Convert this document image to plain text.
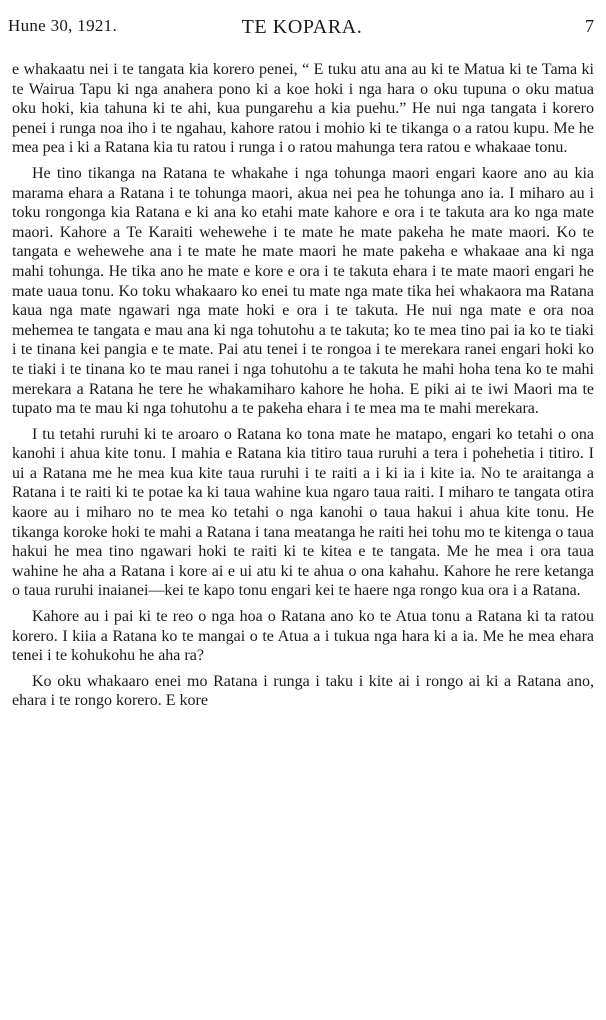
Hune 30, 1921.	TE KOPARA.	7

e whakaatu nei i te tangata kia korero penei, “ E tuku atu ana au ki te Matua ki te Tama ki te Wairua Tapu ki nga anahera pono ki a koe hoki i nga hara o oku tupuna o oku matua oku hoki, kia tahuna ki te ahi, kua pungarehu a kia puehu.” He nui nga tangata i korero penei i runga noa iho i te ngahau, kahore ratou i mohio ki te tikanga o a ratou kupu. Me he mea pea i ki a Ratana kia tu ratou i runga i o ratou mahunga tera ratou e whakaae tonu.

He tino tikanga na Ratana te whakahe i nga tohunga maori engari kaore ano au kia marama ehara a Ratana i te tohunga maori, akua nei pea he tohunga ano ia. I miharo au i toku rongonga kia Ratana e ki ana ko etahi mate kahore e ora i te takuta ara ko nga mate maori. Kahore a Te Karaiti wehewehe i te mate he mate pakeha he mate maori. Ko te tangata e wehewehe ana i te mate he mate maori he mate pakeha e whakaae ana ki nga mahi tohunga. He tika ano he mate e kore e ora i te takuta ehara i te mate maori engari he mate uaua tonu. Ko toku whakaaro ko enei tu mate nga mate tika hei whakaora ma Ratana kaua nga mate ngawari nga mate hoki e ora i te takuta. He nui nga mate e ora noa mehemea te tangata e mau ana ki nga tohutohu a te takuta; ko te mea tino pai ia ko te tiaki i te tinana kei pangia e te mate. Pai atu tenei i te rongoa i te merekara ranei engari hoki ko te tiaki i te tinana ko te mau ranei i nga tohutohu a te takuta he mahi hoha tena ko te mahi merekara a Ratana he tere he whakamiharo kahore he hoha. E piki ai te iwi Maori ma te tupato ma te mau ki nga tohutohu a te pakeha ehara i te mea ma te mahi merekara.

I tu tetahi ruruhi ki te aroaro o Ratana ko tona mate he matapo, engari ko tetahi o ona kanohi i ahua kite tonu. I mahia e Ratana kia titiro taua ruruhi a tera i pohehetia i titiro. I ui a Ratana me he mea kua kite taua ruruhi i te raiti a i ki ia i kite ia. No te araitanga a Ratana i te raiti ki te potae ka ki taua wahine kua ngaro taua raiti. I miharo te tangata otira kaore au i miharo no te mea ko tetahi o nga kanohi o taua hakui i ahua kite tonu. He tikanga koroke hoki te mahi a Ratana i tana meatanga he raiti hei tohu mo te kitenga o taua hakui he mea tino ngawari hoki te raiti ki te kitea e te tangata. Me he mea i ora taua wahine he aha a Ratana i kore ai e ui atu ki te ahua o ona kahahu. Kahore he rere ketanga o taua ruruhi inaianei—kei te kapo tonu engari kei te haere nga rongo kua ora i a Ratana.

Kahore au i pai ki te reo o nga hoa o Ratana ano ko te Atua tonu a Ratana ki ta ratou korero. I kiia a Ratana ko te mangai o te Atua a i tukua nga hara ki a ia. Me he mea ehara tenei i te kohukohu he aha ra?

Ko oku whakaaro enei mo Ratana i runga i taku i kite ai i rongo ai ki a Ratana ano, ehara i te rongo korero. E kore
